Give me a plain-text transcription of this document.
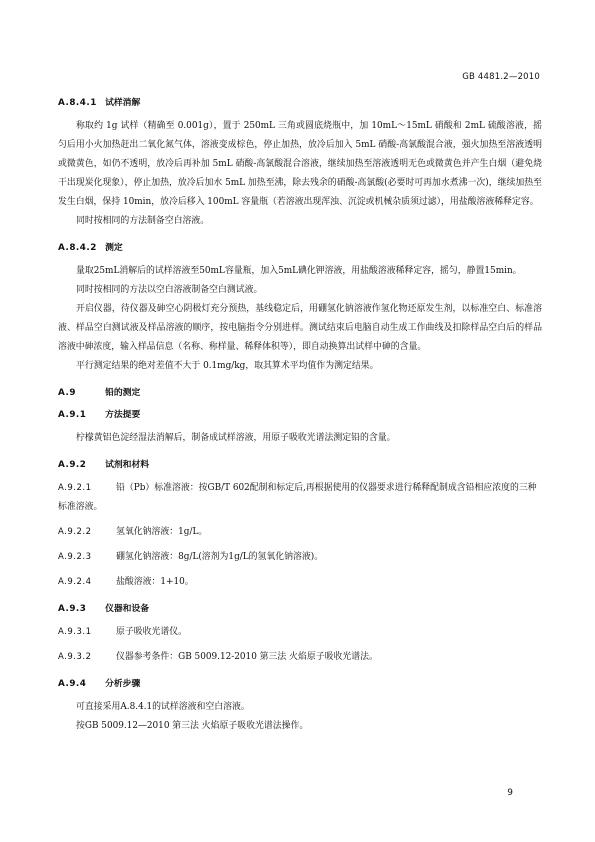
GB 4481.2—2010
A.8.4.1 试样消解

称取约 1g 试样（精确至 0.001g），置于 250mL 三角或圆底烧瓶中，加 10mL～15mL 硝酸和 2mL 硫酸溶液，摇匀后用小火加热赶出二氧化氮气体，溶液变成棕色，停止加热，放冷后加入 5mL 硝酸-高氯酸混合液，强火加热至溶液透明或微黄色，如仍不透明，放冷后再补加 5mL 硝酸-高氯酸混合溶液，继续加热至溶液透明无色或微黄色并产生白烟（避免烧干出现炭化现象），停止加热，放冷后加水 5mL 加热至沸，除去残余的硝酸-高氯酸(必要时可再加水煮沸一次)，继续加热至发生白烟，保持 10min，放冷后移入 100mL 容量瓶（若溶液出现浑浊、沉淀或机械杂质须过滤），用盐酸溶液稀释定容。

同时按相同的方法制备空白溶液。

A.8.4.2 测定

量取25mL消解后的试样溶液至50mL容量瓶，加入5mL碘化钾溶液，用盐酸溶液稀释定容，摇匀，静置15min。

同时按相同的方法以空白溶液制备空白测试液。

开启仪器，待仪器及砷空心阴极灯充分预热，基线稳定后，用硼氢化钠溶液作氢化物还原发生剂，以标准空白、标准溶液、样品空白测试液及样品溶液的顺序，按电脑指令分别进样。测试结束后电脑自动生成工作曲线及扣除样品空白后的样品溶液中砷浓度，输入样品信息（名称、称样量、稀释体积等），即自动换算出试样中砷的含量。

平行测定结果的绝对差值不大于 0.1mg/kg，取其算术平均值作为测定结果。

A.9	铅的测定
A.9.1 方法提要

柠檬黄铝色淀经湿法消解后，制备成试样溶液，用原子吸收光谱法测定铅的含量。

A.9.2 试剂和材料
A.9.2.1	铅（Pb）标准溶液：按GB/T 602配制和标定后,再根据使用的仪器要求进行稀释配制成含铅相应浓度的三种标准溶液。
A.9.2.2	氢氧化钠溶液：1g/L。
A.9.2.3	硼氢化钠溶液：8g/L(溶剂为1g/L的氢氧化钠溶液)。
A.9.2.4	盐酸溶液：1+10。
A.9.3 仪器和设备
A.9.3.1	原子吸收光谱仪。
A.9.3.2	仪器参考条件：GB 5009.12-2010 第三法 火焰原子吸收光谱法。
A.9.4 分析步骤

可直接采用A.8.4.1的试样溶液和空白溶液。

按GB 5009.12—2010 第三法 火焰原子吸收光谱法操作。

9
